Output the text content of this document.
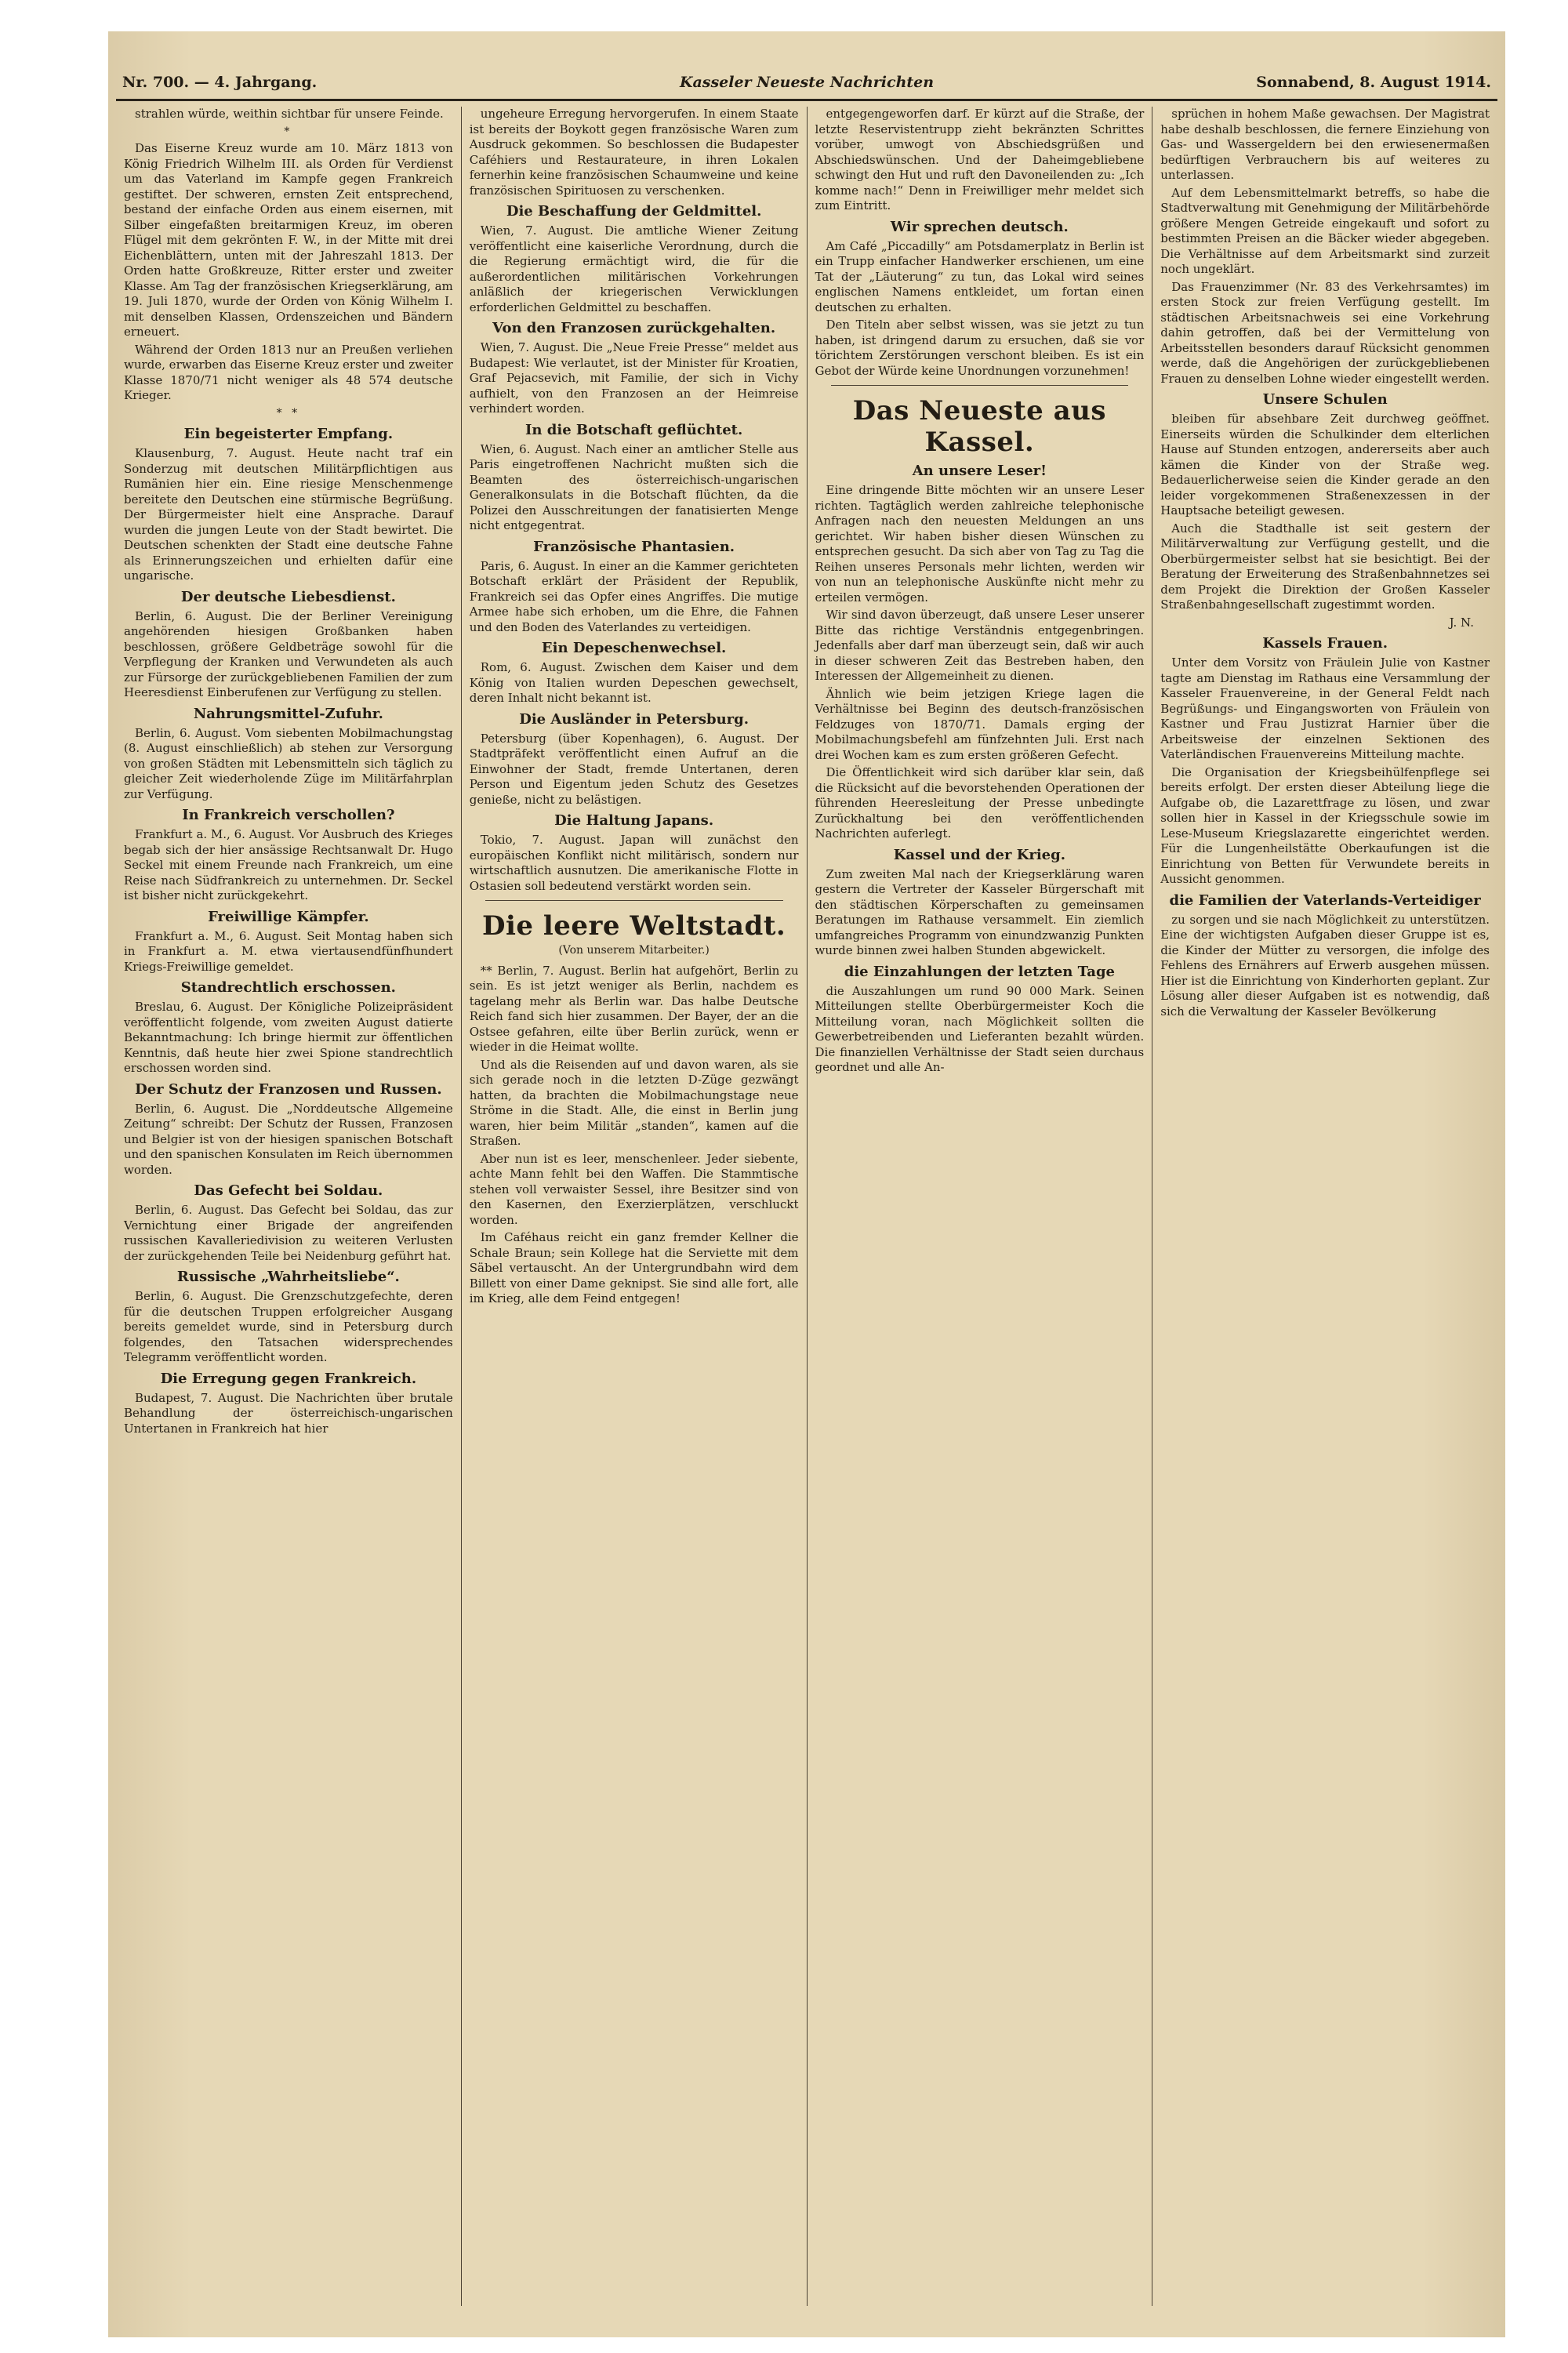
Nr. 700. — 4. Jahrgang.	Kasseler Neueste Nachrichten	Sonnabend, 8. August 1914.

strahlen würde, weithin sichtbar für unsere Feinde.

*

Das Eiserne Kreuz wurde am 10. März 1813 von König Friedrich Wilhelm III. als Orden für Verdienst um das Vaterland im Kampfe gegen Frankreich gestiftet. Der schweren, ernsten Zeit entsprechend, bestand der einfache Orden aus einem eisernen, mit Silber eingefaßten breitarmigen Kreuz, im oberen Flügel mit dem gekrönten F. W., in der Mitte mit drei Eichenblättern, unten mit der Jahreszahl 1813. Der Orden hatte Großkreuze, Ritter erster und zweiter Klasse. Am Tag der französischen Kriegserklärung, am 19. Juli 1870, wurde der Orden von König Wilhelm I. mit denselben Klassen, Ordenszeichen und Bändern erneuert.

Während der Orden 1813 nur an Preußen verliehen wurde, erwarben das Eiserne Kreuz erster und zweiter Klasse 1870/71 nicht weniger als 48 574 deutsche Krieger.

* *
Ein begeisterter Empfang.

Klausenburg, 7. August. Heute nacht traf ein Sonderzug mit deutschen Militärpflichtigen aus Rumänien hier ein. Eine riesige Menschenmenge bereitete den Deutschen eine stürmische Begrüßung. Der Bürgermeister hielt eine Ansprache. Darauf wurden die jungen Leute von der Stadt bewirtet. Die Deutschen schenkten der Stadt eine deutsche Fahne als Erinnerungszeichen und erhielten dafür eine ungarische.

Der deutsche Liebesdienst.

Berlin, 6. August. Die der Berliner Vereinigung angehörenden hiesigen Großbanken haben beschlossen, größere Geldbeträge sowohl für die Verpflegung der Kranken und Verwundeten als auch zur Fürsorge der zurückgebliebenen Familien der zum Heeresdienst Einberufenen zur Verfügung zu stellen.

Nahrungsmittel-Zufuhr.

Berlin, 6. August. Vom siebenten Mobilmachungstag (8. August einschließlich) ab stehen zur Versorgung von großen Städten mit Lebensmitteln sich täglich zu gleicher Zeit wiederholende Züge im Militärfahrplan zur Verfügung.

In Frankreich verschollen?

Frankfurt a. M., 6. August. Vor Ausbruch des Krieges begab sich der hier ansässige Rechtsanwalt Dr. Hugo Seckel mit einem Freunde nach Frankreich, um eine Reise nach Südfrankreich zu unternehmen. Dr. Seckel ist bisher nicht zurückgekehrt.

Freiwillige Kämpfer.

Frankfurt a. M., 6. August. Seit Montag haben sich in Frankfurt a. M. etwa viertausendfünfhundert Kriegs-Freiwillige gemeldet.

Standrechtlich erschossen.

Breslau, 6. August. Der Königliche Polizeipräsident veröffentlicht folgende, vom zweiten August datierte Bekanntmachung: Ich bringe hiermit zur öffentlichen Kenntnis, daß heute hier zwei Spione standrechtlich erschossen worden sind.

Der Schutz der Franzosen und Russen.

Berlin, 6. August. Die „Norddeutsche Allgemeine Zeitung“ schreibt: Der Schutz der Russen, Franzosen und Belgier ist von der hiesigen spanischen Botschaft und den spanischen Konsulaten im Reich übernommen worden.

Das Gefecht bei Soldau.

Berlin, 6. August. Das Gefecht bei Soldau, das zur Vernichtung einer Brigade der angreifenden russischen Kavalleriedivision zu weiteren Verlusten der zurückgehenden Teile bei Neidenburg geführt hat.

Russische „Wahrheitsliebe“.

Berlin, 6. August. Die Grenzschutzgefechte, deren für die deutschen Truppen erfolgreicher Ausgang bereits gemeldet wurde, sind in Petersburg durch folgendes, den Tatsachen widersprechendes Telegramm veröffentlicht worden.

Die Erregung gegen Frankreich.

Budapest, 7. August. Die Nachrichten über brutale Behandlung der österreichisch-ungarischen Untertanen in Frankreich hat hier

ungeheure Erregung hervorgerufen. In einem Staate ist bereits der Boykott gegen französische Waren zum Ausdruck gekommen. So beschlossen die Budapester Caféhiers und Restaurateure, in ihren Lokalen fernerhin keine französischen Schaumweine und keine französischen Spirituosen zu verschenken.

Die Beschaffung der Geldmittel.

Wien, 7. August. Die amtliche Wiener Zeitung veröffentlicht eine kaiserliche Verordnung, durch die die Regierung ermächtigt wird, die für die außerordentlichen militärischen Vorkehrungen anläßlich der kriegerischen Verwicklungen erforderlichen Geldmittel zu beschaffen.

Von den Franzosen zurückgehalten.

Wien, 7. August. Die „Neue Freie Presse“ meldet aus Budapest: Wie verlautet, ist der Minister für Kroatien, Graf Pejacsevich, mit Familie, der sich in Vichy aufhielt, von den Franzosen an der Heimreise verhindert worden.

In die Botschaft geflüchtet.

Wien, 6. August. Nach einer an amtlicher Stelle aus Paris eingetroffenen Nachricht mußten sich die Beamten des österreichisch-ungarischen Generalkonsulats in die Botschaft flüchten, da die Polizei den Ausschreitungen der fanatisierten Menge nicht entgegentrat.

Französische Phantasien.

Paris, 6. August. In einer an die Kammer gerichteten Botschaft erklärt der Präsident der Republik, Frankreich sei das Opfer eines Angriffes. Die mutige Armee habe sich erhoben, um die Ehre, die Fahnen und den Boden des Vaterlandes zu verteidigen.

Ein Depeschenwechsel.

Rom, 6. August. Zwischen dem Kaiser und dem König von Italien wurden Depeschen gewechselt, deren Inhalt nicht bekannt ist.

Die Ausländer in Petersburg.

Petersburg (über Kopenhagen), 6. August. Der Stadtpräfekt veröffentlicht einen Aufruf an die Einwohner der Stadt, fremde Untertanen, deren Person und Eigentum jeden Schutz des Gesetzes genieße, nicht zu belästigen.

Die Haltung Japans.

Tokio, 7. August. Japan will zunächst den europäischen Konflikt nicht militärisch, sondern nur wirtschaftlich ausnutzen. Die amerikanische Flotte in Ostasien soll bedeutend verstärkt worden sein.

Die leere Weltstadt.
(Von unserem Mitarbeiter.)

** Berlin, 7. August. Berlin hat aufgehört, Berlin zu sein. Es ist jetzt weniger als Berlin, nachdem es tagelang mehr als Berlin war. Das halbe Deutsche Reich fand sich hier zusammen. Der Bayer, der an die Ostsee gefahren, eilte über Berlin zurück, wenn er wieder in die Heimat wollte.

Und als die Reisenden auf und davon waren, als sie sich gerade noch in die letzten D-Züge gezwängt hatten, da brachten die Mobilmachungstage neue Ströme in die Stadt. Alle, die einst in Berlin jung waren, hier beim Militär „standen“, kamen auf die Straßen.

Aber nun ist es leer, menschenleer. Jeder siebente, achte Mann fehlt bei den Waffen. Die Stammtische stehen voll verwaister Sessel, ihre Besitzer sind von den Kasernen, den Exerzierplätzen, verschluckt worden.

Im Caféhaus reicht ein ganz fremder Kellner die Schale Braun; sein Kollege hat die Serviette mit dem Säbel vertauscht. An der Untergrundbahn wird dem Billett von einer Dame geknipst. Sie sind alle fort, alle im Krieg, alle dem Feind entgegen!

entgegengeworfen darf. Er kürzt auf die Straße, der letzte Reservistentrupp zieht bekränzten Schrittes vorüber, umwogt von Abschiedsgrüßen und Abschiedswünschen. Und der Daheimgebliebene schwingt den Hut und ruft den Davoneilenden zu: „Ich komme nach!“ Denn in Freiwilliger mehr meldet sich zum Eintritt.

Wir sprechen deutsch.

Am Café „Piccadilly“ am Potsdamerplatz in Berlin ist ein Trupp einfacher Handwerker erschienen, um eine Tat der „Läuterung“ zu tun, das Lokal wird seines englischen Namens entkleidet, um fortan einen deutschen zu erhalten.

Den Titeln aber selbst wissen, was sie jetzt zu tun haben, ist dringend darum zu ersuchen, daß sie vor törichtem Zerstörungen verschont bleiben. Es ist ein Gebot der Würde keine Unordnungen vorzunehmen!

Das Neueste aus Kassel.
An unsere Leser!

Eine dringende Bitte möchten wir an unsere Leser richten. Tagtäglich werden zahlreiche telephonische Anfragen nach den neuesten Meldungen an uns gerichtet. Wir haben bisher diesen Wünschen zu entsprechen gesucht. Da sich aber von Tag zu Tag die Reihen unseres Personals mehr lichten, werden wir von nun an telephonische Auskünfte nicht mehr zu erteilen vermögen.

Wir sind davon überzeugt, daß unsere Leser unserer Bitte das richtige Verständnis entgegenbringen. Jedenfalls aber darf man überzeugt sein, daß wir auch in dieser schweren Zeit das Bestreben haben, den Interessen der Allgemeinheit zu dienen.

Ähnlich wie beim jetzigen Kriege lagen die Verhältnisse bei Beginn des deutsch-französischen Feldzuges von 1870/71. Damals erging der Mobilmachungsbefehl am fünfzehnten Juli. Erst nach drei Wochen kam es zum ersten größeren Gefecht.

Die Öffentlichkeit wird sich darüber klar sein, daß die Rücksicht auf die bevorstehenden Operationen der führenden Heeresleitung der Presse unbedingte Zurückhaltung bei den veröffentlichenden Nachrichten auferlegt.

Kassel und der Krieg.

Zum zweiten Mal nach der Kriegserklärung waren gestern die Vertreter der Kasseler Bürgerschaft mit den städtischen Körperschaften zu gemeinsamen Beratungen im Rathause versammelt. Ein ziemlich umfangreiches Programm von einundzwanzig Punkten wurde binnen zwei halben Stunden abgewickelt.

die Einzahlungen der letzten Tage

die Auszahlungen um rund 90 000 Mark. Seinen Mitteilungen stellte Oberbürgermeister Koch die Mitteilung voran, nach Möglichkeit sollten die Gewerbetreibenden und Lieferanten bezahlt würden. Die finanziellen Verhältnisse der Stadt seien durchaus geordnet und alle An-

sprüchen in hohem Maße gewachsen. Der Magistrat habe deshalb beschlossen, die fernere Einziehung von Gas- und Wassergeldern bei den erwiesenermaßen bedürftigen Verbrauchern bis auf weiteres zu unterlassen.

Auf dem Lebensmittelmarkt betreffs, so habe die Stadtverwaltung mit Genehmigung der Militärbehörde größere Mengen Getreide eingekauft und sofort zu bestimmten Preisen an die Bäcker wieder abgegeben. Die Verhältnisse auf dem Arbeitsmarkt sind zurzeit noch ungeklärt.

Das Frauenzimmer (Nr. 83 des Verkehrsamtes) im ersten Stock zur freien Verfügung gestellt. Im städtischen Arbeitsnachweis sei eine Vorkehrung dahin getroffen, daß bei der Vermittelung von Arbeitsstellen besonders darauf Rücksicht genommen werde, daß die Angehörigen der zurückgebliebenen Frauen zu denselben Lohne wieder eingestellt werden.

Unsere Schulen

bleiben für absehbare Zeit durchweg geöffnet. Einerseits würden die Schulkinder dem elterlichen Hause auf Stunden entzogen, andererseits aber auch kämen die Kinder von der Straße weg. Bedauerlicherweise seien die Kinder gerade an den leider vorgekommenen Straßenexzessen in der Hauptsache beteiligt gewesen.

Auch die Stadthalle ist seit gestern der Militärverwaltung zur Verfügung gestellt, und die Oberbürgermeister selbst hat sie besichtigt. Bei der Beratung der Erweiterung des Straßenbahnnetzes sei dem Projekt die Direktion der Großen Kasseler Straßenbahngesellschaft zugestimmt worden.

J. N.
Kassels Frauen.

Unter dem Vorsitz von Fräulein Julie von Kastner tagte am Dienstag im Rathaus eine Versammlung der Kasseler Frauenvereine, in der General Feldt nach Begrüßungs- und Eingangsworten von Fräulein von Kastner und Frau Justizrat Harnier über die Arbeitsweise der einzelnen Sektionen des Vaterländischen Frauenvereins Mitteilung machte.

Die Organisation der Kriegsbeihülfenpflege sei bereits erfolgt. Der ersten dieser Abteilung liege die Aufgabe ob, die Lazarettfrage zu lösen, und zwar sollen hier in Kassel in der Kriegsschule sowie im Lese-Museum Kriegslazarette eingerichtet werden. Für die Lungenheilstätte Oberkaufungen ist die Einrichtung von Betten für Verwundete bereits in Aussicht genommen.

die Familien der Vaterlands-Verteidiger

zu sorgen und sie nach Möglichkeit zu unterstützen. Eine der wichtigsten Aufgaben dieser Gruppe ist es, die Kinder der Mütter zu versorgen, die infolge des Fehlens des Ernährers auf Erwerb ausgehen müssen. Hier ist die Einrichtung von Kinderhorten geplant. Zur Lösung aller dieser Aufgaben ist es notwendig, daß sich die Verwaltung der Kasseler Bevölkerung
